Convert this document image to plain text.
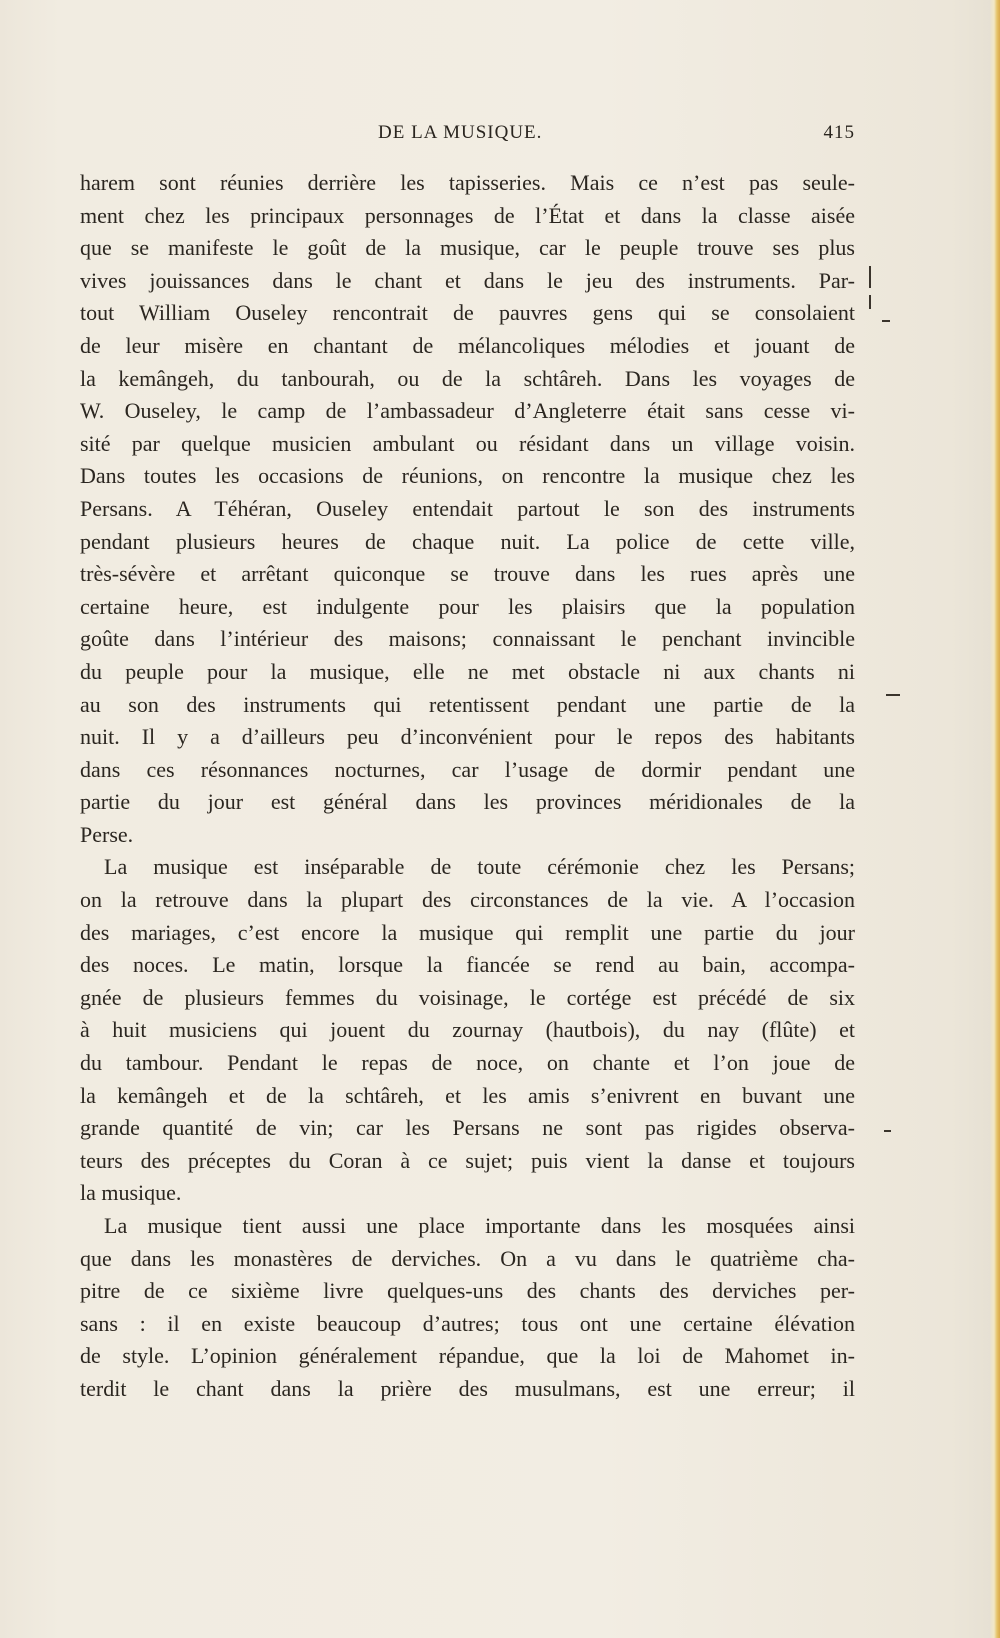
DE LA MUSIQUE.	415
harem sont réunies derrière les tapisseries. Mais ce n’est pas seule-
ment chez les principaux personnages de l’État et dans la classe aisée
que se manifeste le goût de la musique, car le peuple trouve ses plus
vives jouissances dans le chant et dans le jeu des instruments. Par-
tout William Ouseley rencontrait de pauvres gens qui se consolaient
de leur misère en chantant de mélancoliques mélodies et jouant de
la kemângeh, du tanbourah, ou de la schtâreh. Dans les voyages de
W. Ouseley, le camp de l’ambassadeur d’Angleterre était sans cesse vi-
sité par quelque musicien ambulant ou résidant dans un village voisin.
Dans toutes les occasions de réunions, on rencontre la musique chez les
Persans. A Téhéran, Ouseley entendait partout le son des instruments
pendant plusieurs heures de chaque nuit. La police de cette ville,
très-sévère et arrêtant quiconque se trouve dans les rues après une
certaine heure, est indulgente pour les plaisirs que la population
goûte dans l’intérieur des maisons; connaissant le penchant invincible
du peuple pour la musique, elle ne met obstacle ni aux chants ni
au son des instruments qui retentissent pendant une partie de la
nuit. Il y a d’ailleurs peu d’inconvénient pour le repos des habitants
dans ces résonnances nocturnes, car l’usage de dormir pendant une
partie du jour est général dans les provinces méridionales de la
Perse.
La musique est inséparable de toute cérémonie chez les Persans;
on la retrouve dans la plupart des circonstances de la vie. A l’occasion
des mariages, c’est encore la musique qui remplit une partie du jour
des noces. Le matin, lorsque la fiancée se rend au bain, accompa-
gnée de plusieurs femmes du voisinage, le cortége est précédé de six
à huit musiciens qui jouent du zournay (hautbois), du nay (flûte) et
du tambour. Pendant le repas de noce, on chante et l’on joue de
la kemângeh et de la schtâreh, et les amis s’enivrent en buvant une
grande quantité de vin; car les Persans ne sont pas rigides observa-
teurs des préceptes du Coran à ce sujet; puis vient la danse et toujours
la musique.
La musique tient aussi une place importante dans les mosquées ainsi
que dans les monastères de derviches. On a vu dans le quatrième cha-
pitre de ce sixième livre quelques-uns des chants des derviches per-
sans : il en existe beaucoup d’autres; tous ont une certaine élévation
de style. L’opinion généralement répandue, que la loi de Mahomet in-
terdit le chant dans la prière des musulmans, est une erreur; il
